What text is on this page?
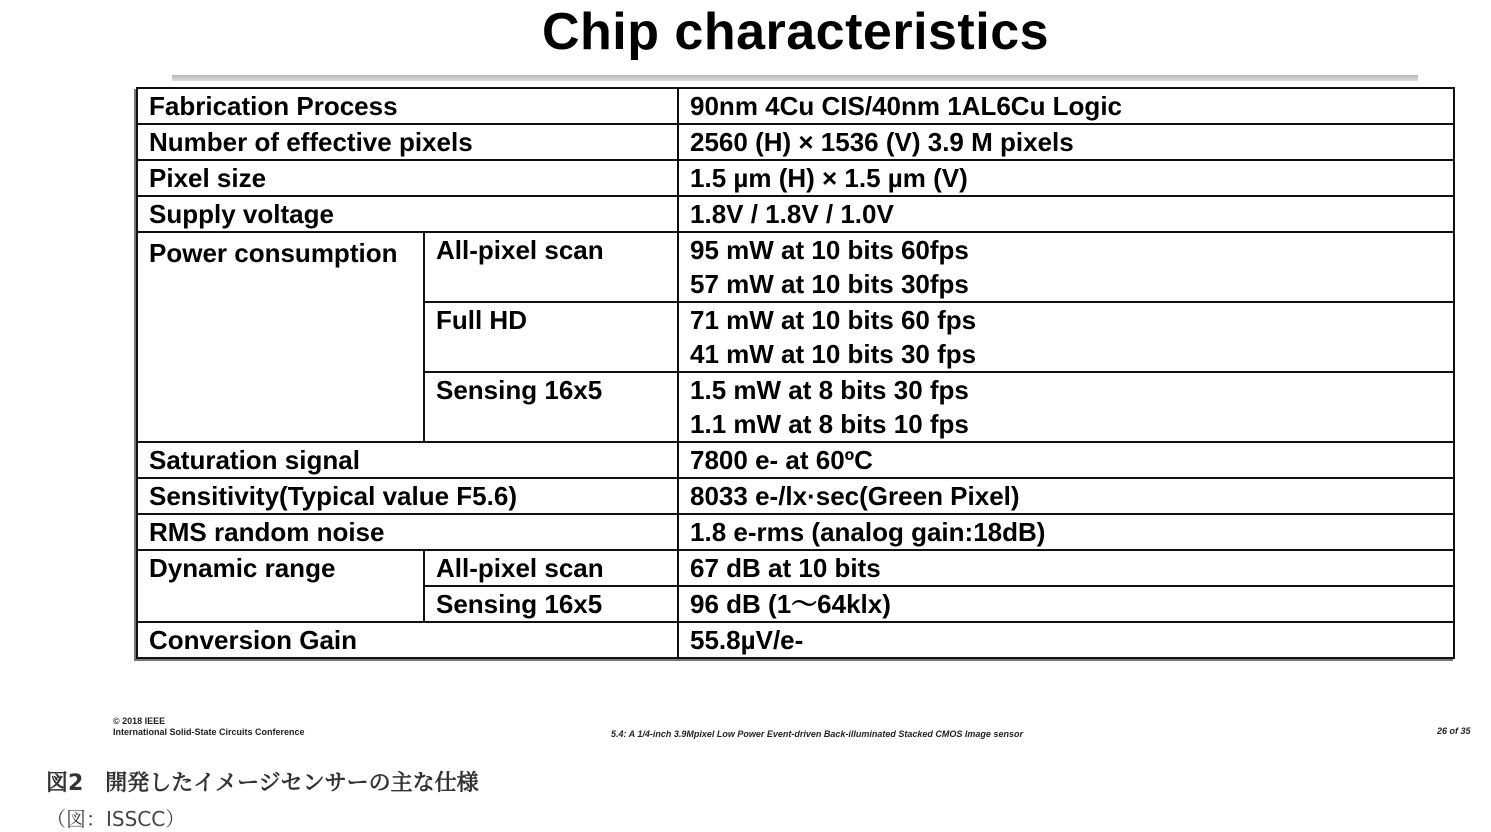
Chip characteristics
Fabrication Process		90nm 4Cu CIS/40nm 1AL6Cu Logic
Number of effective pixels		2560 (H) × 1536 (V) 3.9 M pixels
Pixel size		1.5 µm (H) × 1.5 µm (V)
Supply voltage		1.8V / 1.8V / 1.0V
Power consumption	All-pixel scan	95 mW at 10 bits 60fps
57 mW at 10 bits 30fps

	Full HD	71 mW at 10 bits 60 fps
41 mW at 10 bits 30 fps

	Sensing 16x5	1.5 mW at 8 bits 30 fps
1.1 mW at 8 bits 10 fps

Saturation signal		7800 e- at 60ºC
Sensitivity(Typical value F5.6)		8033 e-/lx·sec(Green Pixel)
RMS random noise		1.8 e-rms (analog gain:18dB)
Dynamic range	All-pixel scan	67 dB at 10 bits
	Sensing 16x5	96 dB (1～64klx)
Conversion Gain		55.8µV/e-
© 2018 IEEE
International Solid-State Circuits Conference	5.4: A 1/4-inch 3.9Mpixel Low Power Event-driven Back-illuminated Stacked CMOS Image sensor	26 of 35
図2　開発したイメージセンサーの主な仕様
（図：ISSCC）
